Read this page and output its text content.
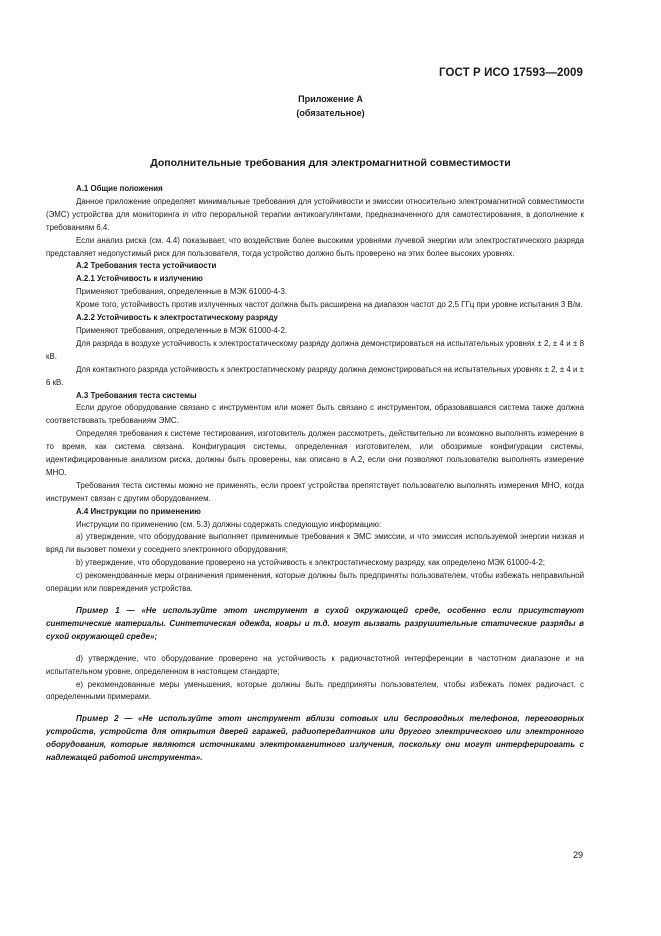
ГОСТ Р ИСО 17593—2009
Приложение А
(обязательное)
Дополнительные требования для электромагнитной совместимости

А.1 Общие положения

Данное приложение определяет минимальные требования для устойчивости и эмиссии относительно электромагнитной совместимости (ЭМС) устройства для мониторинга in vitro пероральной терапии антикоагулянтами, предназначенного для самотестирования, в дополнение к требованиям 6.4.

Если анализ риска (см. 4.4) показывает, что воздействие более высокими уровнями лучевой энергии или электростатического разряда представляет недопустимый риск для пользователя, тогда устройство должно быть проверено на этих более высоких уровнях.

А.2 Требования теста устойчивости

А.2.1 Устойчивость к излучению

Применяют требования, определенные в МЭК 61000-4-3.

Кроме того, устойчивость против излученных частот должна быть расширена на диапазон частот до 2,5 ГГц при уровне испытания 3 В/м.

А.2.2 Устойчивость к электростатическому разряду

Применяют требования, определенные в МЭК 61000-4-2.

Для разряда в воздухе устойчивость к электростатическому разряду должна демонстрироваться на испытательных уровнях ± 2, ± 4 и ± 8 кВ.

Для контактного разряда устойчивость к электростатическому разряду должна демонстрироваться на испытательных уровнях ± 2, ± 4 и ± 6 кВ.

А.3 Требования теста системы

Если другое оборудование связано с инструментом или может быть связано с инструментом, образовавшаяся система также должна соответствовать требованиям ЭМС.

Определяя требования к системе тестирования, изготовитель должен рассмотреть, действительно ли возможно выполнять измерение в то время, как система связана. Конфигурация системы, определенная изготовителем, или обозримые конфигурации системы, идентифицированные анализом риска, должны быть проверены, как описано в А.2, если они позволяют пользователю выполнять измерение МНО.

Требования теста системы можно не применять, если проект устройства препятствует пользователю выполнять измерения МНО, когда инструмент связан с другим оборудованием.

А.4 Инструкции по применению

Инструкции по применению (см. 5.3) должны содержать следующую информацию:

a) утверждение, что оборудование выполняет применимые требования к ЭМС эмиссии, и что эмиссия используемой энергии низкая и вряд ли вызовет помехи у соседнего электронного оборудования;

b) утверждение, что оборудование проверено на устойчивость к электростатическому разряду, как определено МЭК 61000-4-2;

c) рекомендованные меры ограничения применения, которые должны быть предприняты пользователем, чтобы избежать неправильной операции или повреждения устройства.

Пример 1 — «Не используйте этот инструмент в сухой окружающей среде, особенно если присутствуют синтетические материалы. Синтетическая одежда, ковры и т.д. могут вызвать разрушительные статические разряды в сухой окружающей среде»;

d) утверждение, что оборудование проверено на устойчивость к радиочастотной интерференции в частотном диапазоне и на испытательном уровне, определенном в настоящем стандарте;

e) рекомендованные меры уменьшения, которые должны быть предприняты пользователем, чтобы избежать помех радиочаст. с определенными примерами.

Пример 2 — «Не используйте этот инструмент вблизи сотовых или беспроводных телефонов, переговорных устройств, устройств для открытия дверей гаражей, радиопередатчиков или другого электрического или электронного оборудования, которые являются источниками электромагнитного излучения, поскольку они могут интерферировать с надлежащей работой инструмента».

29
